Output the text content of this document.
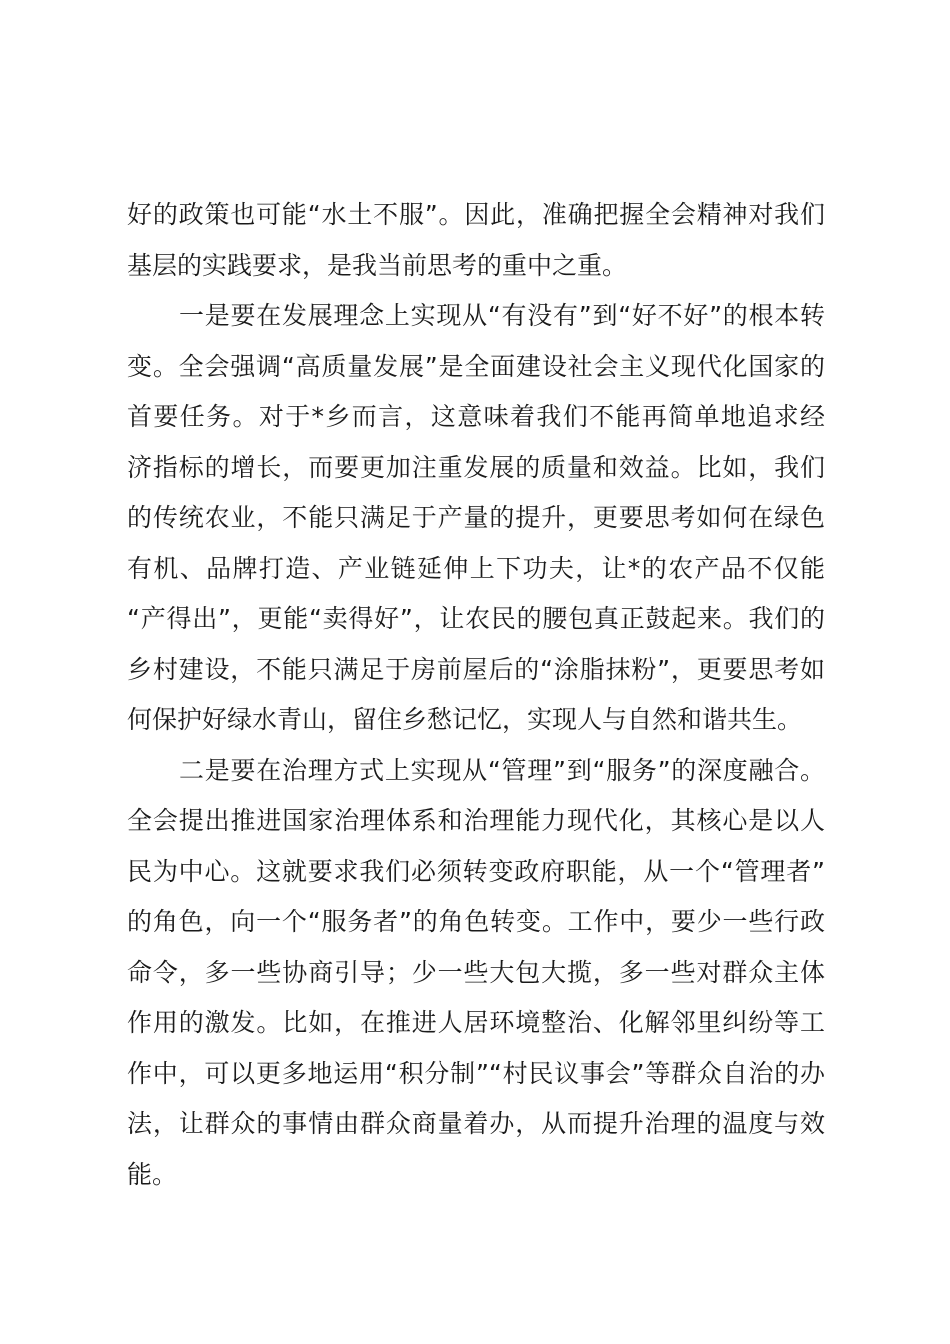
好的政策也可能“水土不服”。因此，准确把握全会精神对我们
基层的实践要求，是我当前思考的重中之重。
一是要在发展理念上实现从“有没有”到“好不好”的根本转
变。全会强调“高质量发展”是全面建设社会主义现代化国家的
首要任务。对于*乡而言，这意味着我们不能再简单地追求经
济指标的增长，而要更加注重发展的质量和效益。比如，我们
的传统农业，不能只满足于产量的提升，更要思考如何在绿色
有机、品牌打造、产业链延伸上下功夫，让*的农产品不仅能
“产得出”，更能“卖得好”，让农民的腰包真正鼓起来。我们的
乡村建设，不能只满足于房前屋后的“涂脂抹粉”，更要思考如
何保护好绿水青山，留住乡愁记忆，实现人与自然和谐共生。
二是要在治理方式上实现从“管理”到“服务”的深度融合。
全会提出推进国家治理体系和治理能力现代化，其核心是以人
民为中心。这就要求我们必须转变政府职能，从一个“管理者”
的角色，向一个“服务者”的角色转变。工作中，要少一些行政
命令，多一些协商引导；少一些大包大揽，多一些对群众主体
作用的激发。比如，在推进人居环境整治、化解邻里纠纷等工
作中，可以更多地运用“积分制”“村民议事会”等群众自治的办
法，让群众的事情由群众商量着办，从而提升治理的温度与效
能。
